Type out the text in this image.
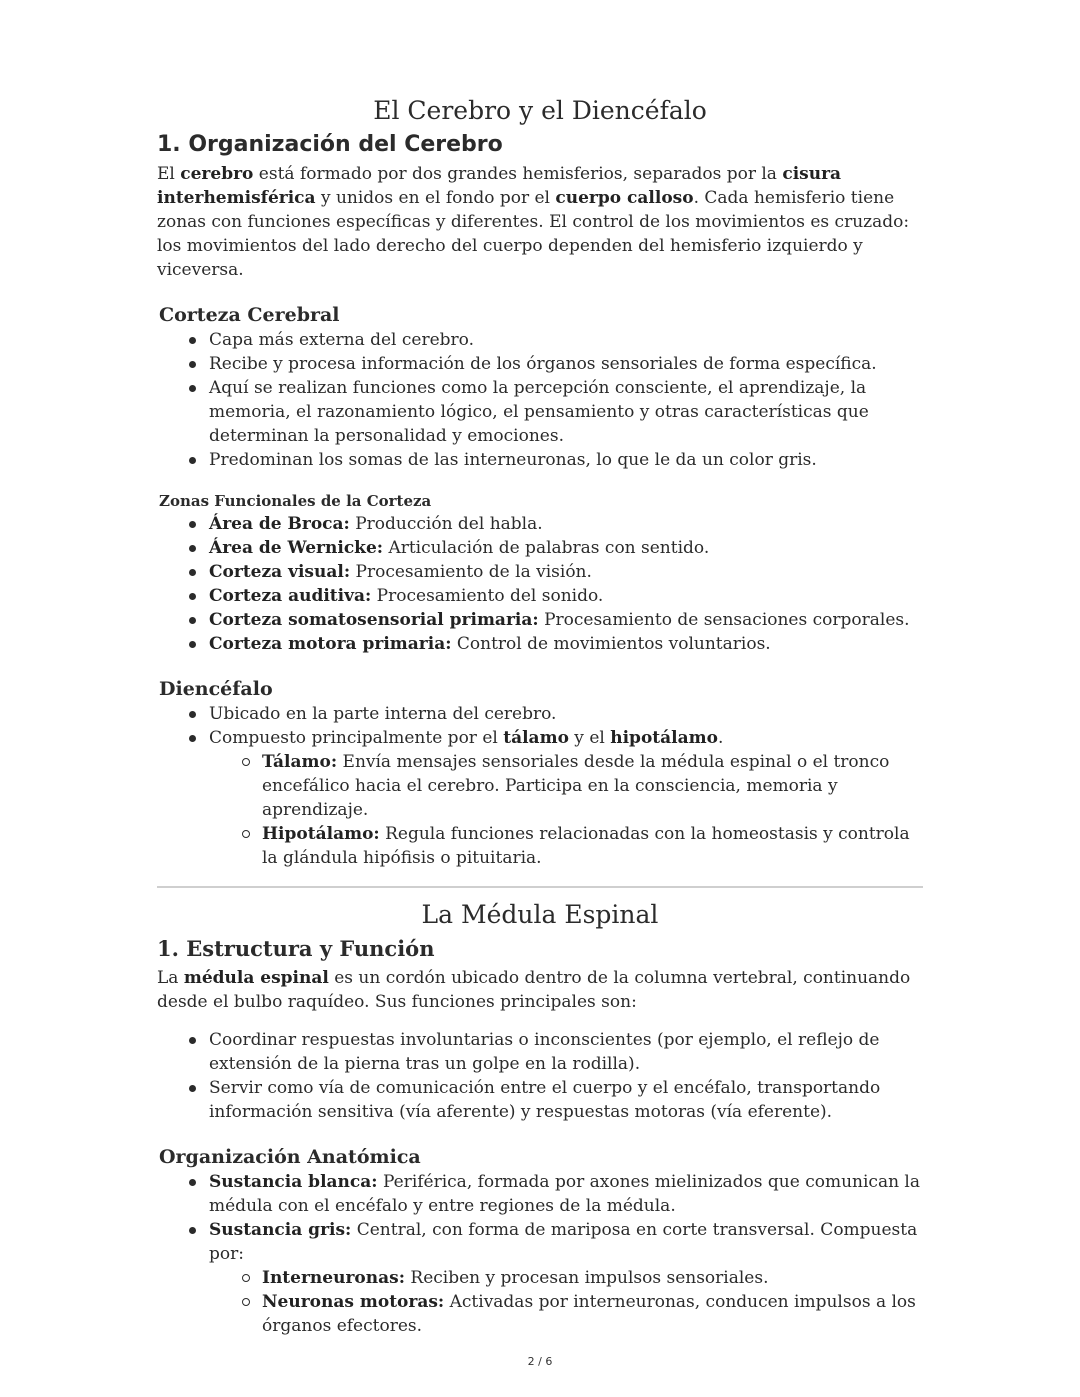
El Cerebro y el Diencéfalo
1. Organización del Cerebro

El cerebro está formado por dos grandes hemisferios, separados por la cisura interhemisférica y unidos en el fondo por el cuerpo calloso. Cada hemisferio tiene zonas con funciones específicas y diferentes. El control de los movimientos es cruzado: los movimientos del lado derecho del cuerpo dependen del hemisferio izquierdo y viceversa.

Corteza Cerebral
Capa más externa del cerebro.
Recibe y procesa información de los órganos sensoriales de forma específica.
Aquí se realizan funciones como la percepción consciente, el aprendizaje, la memoria, el razonamiento lógico, el pensamiento y otras características que determinan la personalidad y emociones.
Predominan los somas de las interneuronas, lo que le da un color gris.
Zonas Funcionales de la Corteza
Área de Broca: Producción del habla.
Área de Wernicke: Articulación de palabras con sentido.
Corteza visual: Procesamiento de la visión.
Corteza auditiva: Procesamiento del sonido.
Corteza somatosensorial primaria: Procesamiento de sensaciones corporales.
Corteza motora primaria: Control de movimientos voluntarios.
Diencéfalo
Ubicado en la parte interna del cerebro.
Compuesto principalmente por el tálamo y el hipotálamo.
Tálamo: Envía mensajes sensoriales desde la médula espinal o el tronco encefálico hacia el cerebro. Participa en la consciencia, memoria y aprendizaje.
Hipotálamo: Regula funciones relacionadas con la homeostasis y controla la glándula hipófisis o pituitaria.
La Médula Espinal
1. Estructura y Función

La médula espinal es un cordón ubicado dentro de la columna vertebral, continuando desde el bulbo raquídeo. Sus funciones principales son:

Coordinar respuestas involuntarias o inconscientes (por ejemplo, el reflejo de extensión de la pierna tras un golpe en la rodilla).
Servir como vía de comunicación entre el cuerpo y el encéfalo, transportando información sensitiva (vía aferente) y respuestas motoras (vía eferente).
Organización Anatómica
Sustancia blanca: Periférica, formada por axones mielinizados que comunican la médula con el encéfalo y entre regiones de la médula.
Sustancia gris: Central, con forma de mariposa en corte transversal. Compuesta por:
Interneuronas: Reciben y procesan impulsos sensoriales.
Neuronas motoras: Activadas por interneuronas, conducen impulsos a los órganos efectores.
2 / 6
